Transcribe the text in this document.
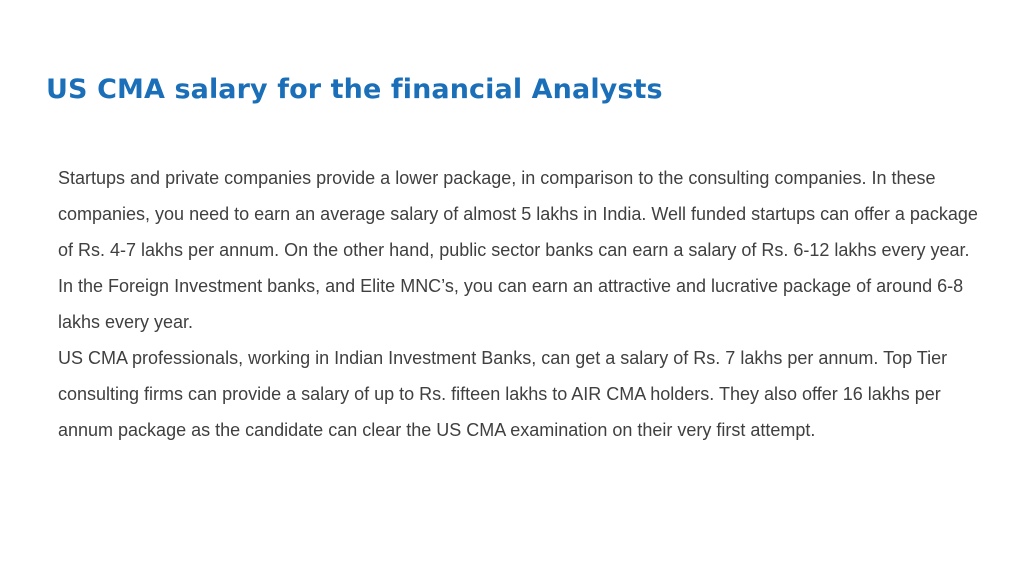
US CMA salary for the financial Analysts

Startups and private companies provide a lower package, in comparison to the consulting companies. In these companies, you need to earn an average salary of almost 5 lakhs in India. Well funded startups can offer a package of Rs. 4-7 lakhs per annum. On the other hand, public sector banks can earn a salary of Rs. 6-12 lakhs every year. In the Foreign Investment banks, and Elite MNC’s, you can earn an attractive and lucrative package of around 6-8 lakhs every year.

US CMA professionals, working in Indian Investment Banks, can get a salary of Rs. 7 lakhs per annum. Top Tier consulting firms can provide a salary of up to Rs. fifteen lakhs to AIR CMA holders. They also offer 16 lakhs per annum package as the candidate can clear the US CMA examination on their very first attempt.
